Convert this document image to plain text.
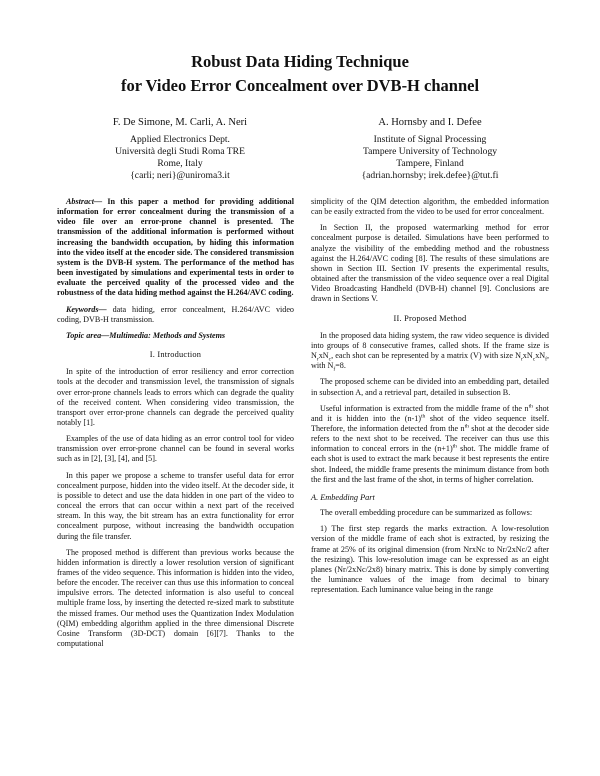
Robust Data Hiding Technique
for Video Error Concealment over DVB-H channel
F. De Simone, M. Carli, A. Neri
Applied Electronics Dept.
Università degli Studi Roma TRE
Rome, Italy
{carli; neri}@uniroma3.it
A. Hornsby and I. Defee
Institute of Signal Processing
Tampere University of Technology
Tampere, Finland
{adrian.hornsby; irek.defee}@tut.fi

Abstract— In this paper a method for providing additional information for error concealment during the transmission of a video file over an error-prone channel is presented. The transmission of the additional information is performed without increasing the bandwidth occupation, by hiding this information into the video itself at the encoder side. The considered transmission system is the DVB-H system. The performance of the method has been investigated by simulations and experimental tests in order to evaluate the perceived quality of the processed video and the robustness of the data hiding method against the H.264/AVC coding.

Keywords— data hiding, error concealment, H.264/AVC video coding, DVB-H transmission.

Topic area—Multimedia: Methods and Systems

I. Introduction

In spite of the introduction of error resiliency and error correction tools at the decoder and transmission level, the transmission of signals over error-prone channels leads to errors which can degrade the quality of the received content. When considering video transmission, the transport over error-prone channels can degrade the perceived quality notably [1].

Examples of the use of data hiding as an error control tool for video transmission over error-prone channel can be found in several works such as in [2], [3], [4], and [5].

In this paper we propose a scheme to transfer useful data for error concealment purpose, hidden into the video itself. At the decoder side, it is possible to detect and use the data hidden in one part of the video to conceal the errors that can occur within a next part of the received stream. In this way, the bit stream has an extra functionality for error concealment purpose, without increasing the bandwidth occupation during the file transfer.

The proposed method is different than previous works because the hidden information is directly a lower resolution version of significant frames of the video sequence. This information is hidden into the video, before the encoder. The receiver can thus use this information to conceal impulsive errors. The detected information is also useful to conceal multiple frame loss, by inserting the detected re-sized mark to substitute the missed frames. Our method uses the Quantization Index Modulation (QIM) embedding algorithm applied in the three dimensional Discrete Cosine Transform (3D-DCT) domain [6][7]. Thanks to the computational

simplicity of the QIM detection algorithm, the embedded information can be easily extracted from the video to be used for error concealment.

In Section II, the proposed watermarking method for error concealment purpose is detailed. Simulations have been performed to analyze the visibility of the embedding method and the robustness against the H.264/AVC coding [8]. The results of these simulations are shown in Section III. Section IV presents the experimental results, obtained after the transmission of the video sequence over a real Digital Video Broadcasting Handheld (DVB-H) channel [9]. Conclusions are drawn in Sections V.

II. Proposed Method

In the proposed data hiding system, the raw video sequence is divided into groups of 8 consecutive frames, called shots. If the frame size is $N_rxN_c$, each shot can be represented by a matrix (V) with size $N_rxN_cxN_f$, with $N_f=8$.

The proposed scheme can be divided into an embedding part, detailed in subsection A, and a retrieval part, detailed in subsection B.

Useful information is extracted from the middle frame of the $n^{th}$ shot and it is hidden into the $(n-1)^{th}$ shot of the video sequence itself. Therefore, the information detected from the $n^{th}$ shot at the decoder side refers to the next shot to be received. The receiver can thus use this information to conceal errors in the $(n+1)^{th}$ shot. The middle frame of each shot is used to extract the mark because it best represents the entire shot. Indeed, the middle frame presents the minimum distance from both the first and the last frame of the shot, in terms of higher correlation.

A. Embedding Part

The overall embedding procedure can be summarized as follows:

1) The first step regards the marks extraction. A low-resolution version of the middle frame of each shot is extracted, by resizing the frame at 25% of its original dimension (from NrxNc to Nr/2xNc/2 after the resizing). This low-resolution image can be expressed as an eight planes (Nr/2xNc/2x8) binary matrix. This is done by simply converting the luminance values of the image from decimal to binary representation. Each luminance value being in the range
